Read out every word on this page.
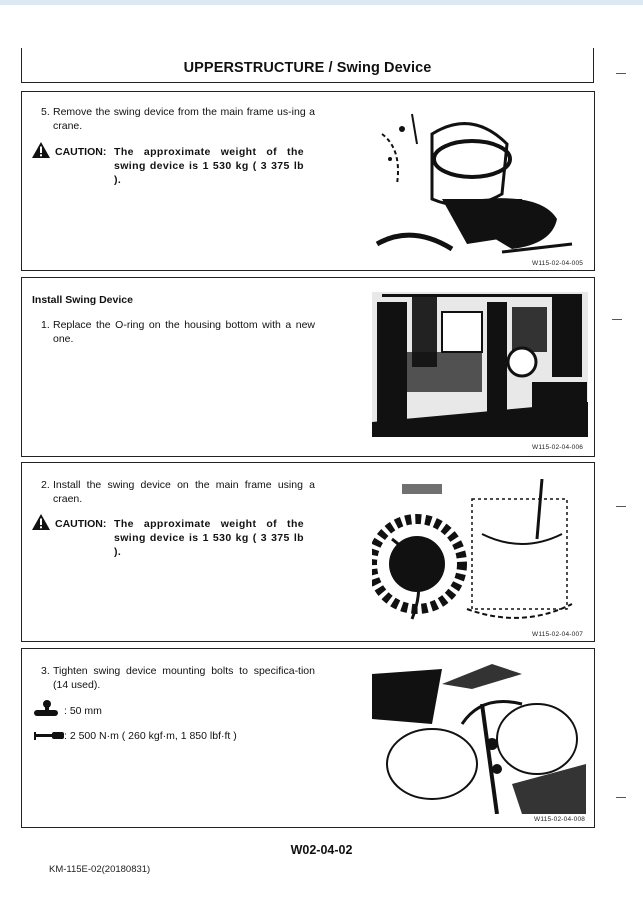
UPPERSTRUCTURE / Swing Device
5. Remove the swing device from the main frame us-ing a crane.
CAUTION: The approximate weight of the swing device is 1 530 kg ( 3 375 lb ).
W115-02-04-005
Install Swing Device
1. Replace the O-ring on the housing bottom with a new one.
W115-02-04-006
2. Install the swing device on the main frame using a craen.
CAUTION: The approximate weight of the swing device is 1 530 kg ( 3 375 lb ).
W115-02-04-007
3. Tighten swing device mounting bolts to specifica-tion (14 used).
: 50 mm
: 2 500 N·m ( 260 kgf·m, 1 850 lbf·ft )
W115-02-04-008
W02-04-02
KM-115E-02(20180831)
